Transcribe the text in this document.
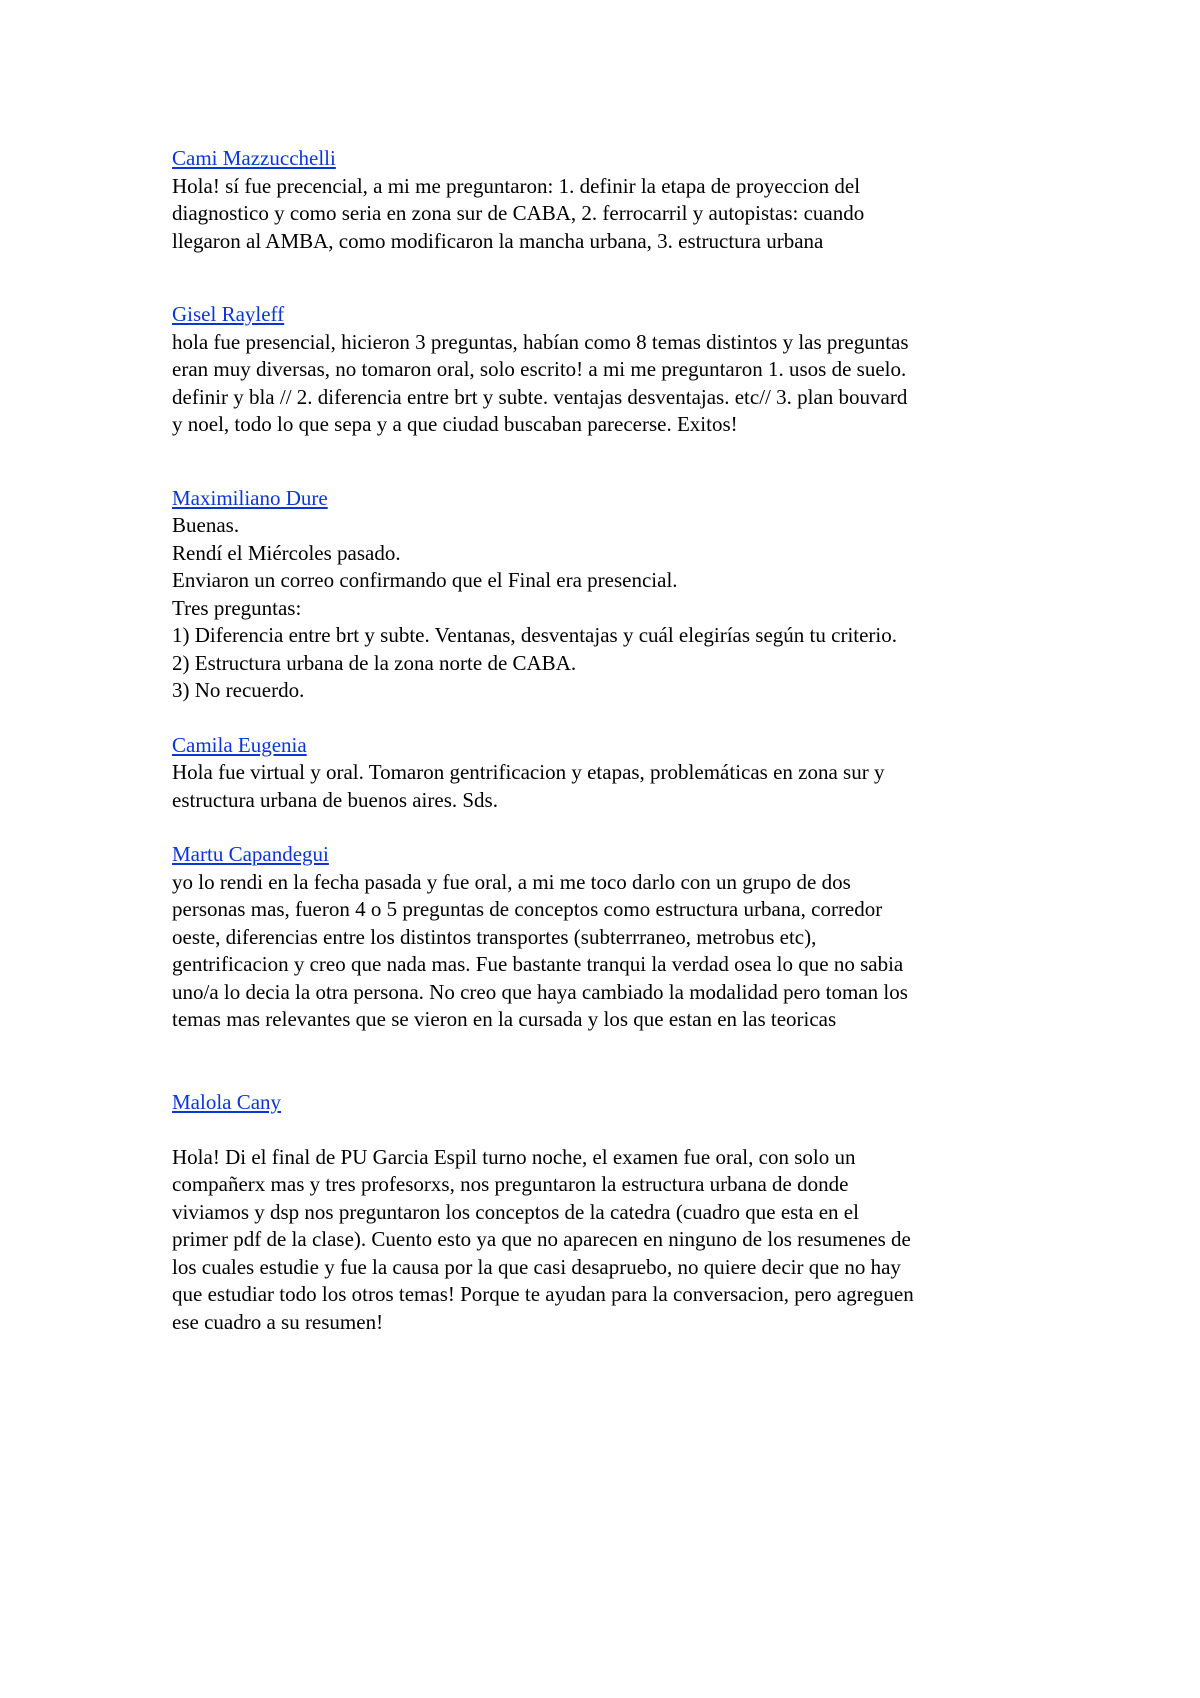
Cami Mazzucchelli
Hola! sí fue precencial, a mi me preguntaron: 1. definir la etapa de proyeccion del
diagnostico y como seria en zona sur de CABA, 2. ferrocarril y autopistas: cuando
llegaron al AMBA, como modificaron la mancha urbana, 3. estructura urbana
Gisel Rayleff
hola fue presencial, hicieron 3 preguntas, habían como 8 temas distintos y las preguntas
eran muy diversas, no tomaron oral, solo escrito! a mi me preguntaron 1. usos de suelo.
definir y bla // 2. diferencia entre brt y subte. ventajas desventajas. etc// 3. plan bouvard
y noel, todo lo que sepa y a que ciudad buscaban parecerse. Exitos!
Maximiliano Dure
Buenas.
Rendí el Miércoles pasado.
Enviaron un correo confirmando que el Final era presencial.
Tres preguntas:
1) Diferencia entre brt y subte. Ventanas, desventajas y cuál elegirías según tu criterio.
2) Estructura urbana de la zona norte de CABA.
3) No recuerdo.
Camila Eugenia
Hola fue virtual y oral. Tomaron gentrificacion y etapas, problemáticas en zona sur y
estructura urbana de buenos aires. Sds.
Martu Capandegui
yo lo rendi en la fecha pasada y fue oral, a mi me toco darlo con un grupo de dos
personas mas, fueron 4 o 5 preguntas de conceptos como estructura urbana, corredor
oeste, diferencias entre los distintos transportes (subterrraneo, metrobus etc),
gentrificacion y creo que nada mas. Fue bastante tranqui la verdad osea lo que no sabia
uno/a lo decia la otra persona. No creo que haya cambiado la modalidad pero toman los
temas mas relevantes que se vieron en la cursada y los que estan en las teoricas
Malola Cany
Hola! Di el final de PU Garcia Espil turno noche, el examen fue oral, con solo un
compañerx mas y tres profesorxs, nos preguntaron la estructura urbana de donde
viviamos y dsp nos preguntaron los conceptos de la catedra (cuadro que esta en el
primer pdf de la clase). Cuento esto ya que no aparecen en ninguno de los resumenes de
los cuales estudie y fue la causa por la que casi desapruebo, no quiere decir que no hay
que estudiar todo los otros temas! Porque te ayudan para la conversacion, pero agreguen
ese cuadro a su resumen!
